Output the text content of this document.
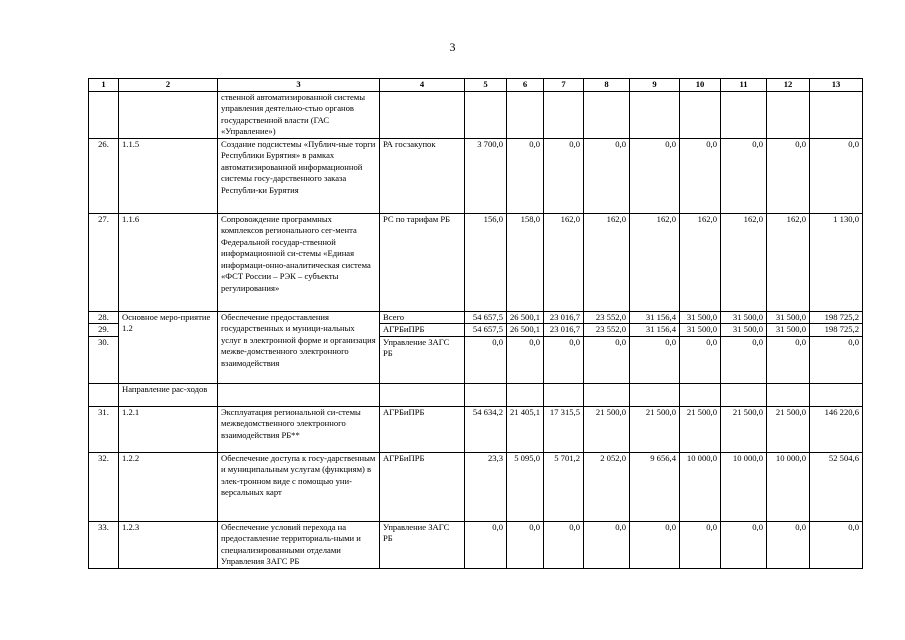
3
1	2	3	4	5	6	7	8	9	10	11	12	13
		ственной автоматизированной системы управления деятельно-стью органов государственной власти (ГАС «Управление»)										
26.	1.1.5	Создание подсистемы «Публич-ные торги Республики Бурятия» в рамках автоматизированной информационной системы госу-дарственного заказа Республи-ки Бурятия	РА госзакупок	3 700,0	0,0	0,0	0,0	0,0	0,0	0,0	0,0	0,0
27.	1.1.6	Сопровождение программных комплексов регионального сег-мента Федеральной государ-ственной информационной си-стемы «Единая информаци-онно-аналитическая система «ФСТ России – РЭК – субъекты регулирования»	РС по тарифам РБ	156,0	158,0	162,0	162,0	162,0	162,0	162,0	162,0	1 130,0
28.	Основное меро-приятие 1.2	Обеспечение предоставления государственных и муници-нальных услуг в электронной форме и организация межве-домственного электронного взаимодействия	Всего	54 657,5	26 500,1	23 016,7	23 552,0	31 156,4	31 500,0	31 500,0	31 500,0	198 725,2
29.			АГРБиПРБ	54 657,5	26 500,1	23 016,7	23 552,0	31 156,4	31 500,0	31 500,0	31 500,0	198 725,2
30.			Управление ЗАГС РБ	0,0	0,0	0,0	0,0	0,0	0,0	0,0	0,0	0,0
	Направление рас-ходов											
31.	1.2.1	Эксплуатация региональной си-стемы межведомственного электронного взаимодействия РБ**	АГРБиПРБ	54 634,2	21 405,1	17 315,5	21 500,0	21 500,0	21 500,0	21 500,0	21 500,0	146 220,6
32.	1.2.2	Обеспечение доступа к госу-дарственным и муниципальным услугам (функциям) в элек-тронном виде с помощью уни-версальных карт	АГРБиПРБ	23,3	5 095,0	5 701,2	2 052,0	9 656,4	10 000,0	10 000,0	10 000,0	52 504,6
33.	1.2.3	Обеспечение условий перехода на предоставление территориаль-ными и специализированными отделами Управления ЗАГС РБ	Управление ЗАГС РБ	0,0	0,0	0,0	0,0	0,0	0,0	0,0	0,0	0,0
